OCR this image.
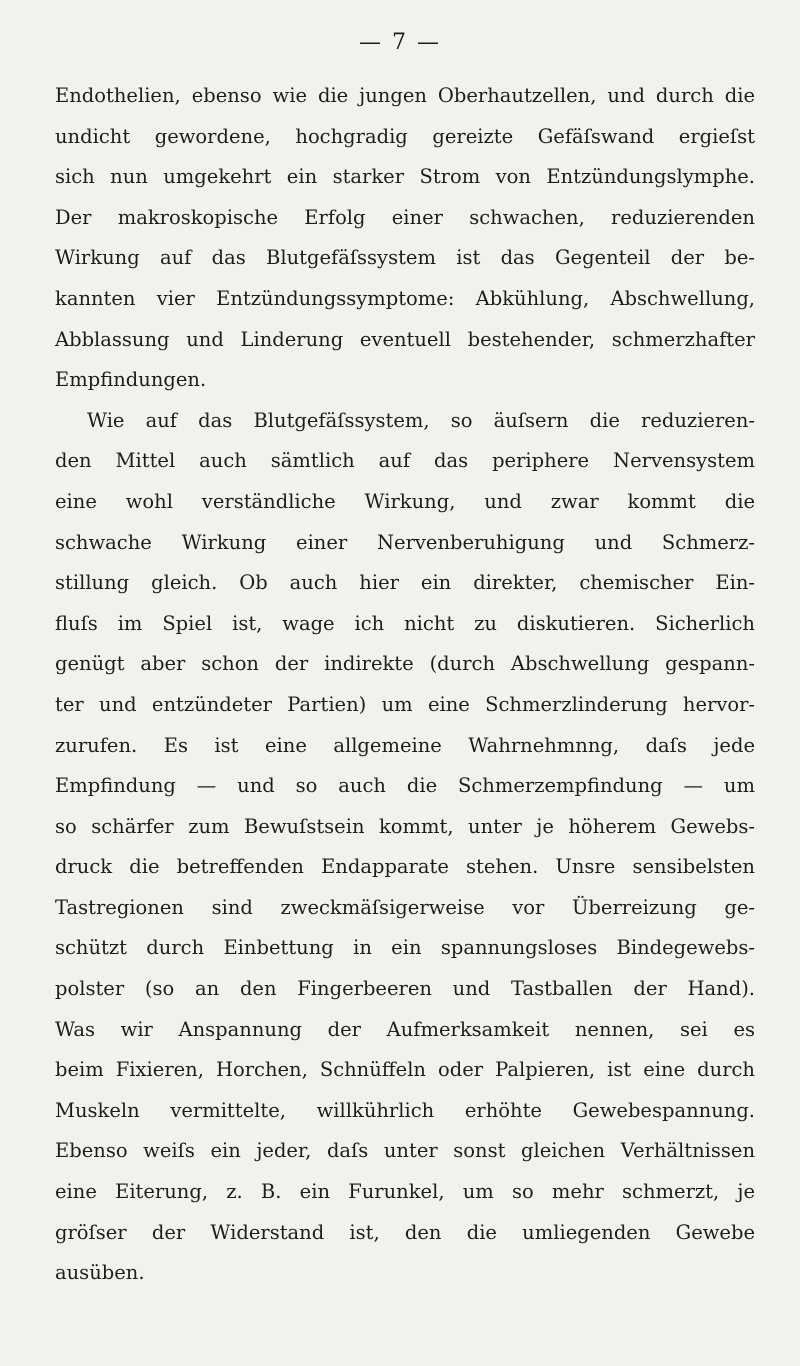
— 7 —
Endothelien, ebenso wie die jungen Oberhautzellen, und durch die
undicht gewordene, hochgradig gereizte Gefäſswand ergieſst
sich nun umgekehrt ein starker Strom von Entzündungslymphe.
Der makroskopische Erfolg einer schwachen, reduzierenden
Wirkung auf das Blutgefäſssystem ist das Gegenteil der be-
kannten vier Entzündungssymptome: Abkühlung, Abschwellung,
Abblassung und Linderung eventuell bestehender, schmerzhafter
Empfindungen.
Wie auf das Blutgefäſssystem, so äuſsern die reduzieren-
den Mittel auch sämtlich auf das periphere Nervensystem
eine wohl verständliche Wirkung, und zwar kommt die
schwache Wirkung einer Nervenberuhigung und Schmerz-
stillung gleich. Ob auch hier ein direkter, chemischer Ein-
fluſs im Spiel ist, wage ich nicht zu diskutieren. Sicherlich
genügt aber schon der indirekte (durch Abschwellung gespann-
ter und entzündeter Partien) um eine Schmerzlinderung hervor-
zurufen. Es ist eine allgemeine Wahrnehmnng, daſs jede
Empfindung — und so auch die Schmerzempfindung — um
so schärfer zum Bewuſstsein kommt, unter je höherem Gewebs-
druck die betreffenden Endapparate stehen. Unsre sensibelsten
Tastregionen sind zweckmäſsigerweise vor Überreizung ge-
schützt durch Einbettung in ein spannungsloses Bindegewebs-
polster (so an den Fingerbeeren und Tastballen der Hand).
Was wir Anspannung der Aufmerksamkeit nennen, sei es
beim Fixieren, Horchen, Schnüffeln oder Palpieren, ist eine durch
Muskeln vermittelte, willkührlich erhöhte Gewebespannung.
Ebenso weiſs ein jeder, daſs unter sonst gleichen Verhältnissen
eine Eiterung, z. B. ein Furunkel, um so mehr schmerzt, je
gröſser der Widerstand ist, den die umliegenden Gewebe
ausüben.
